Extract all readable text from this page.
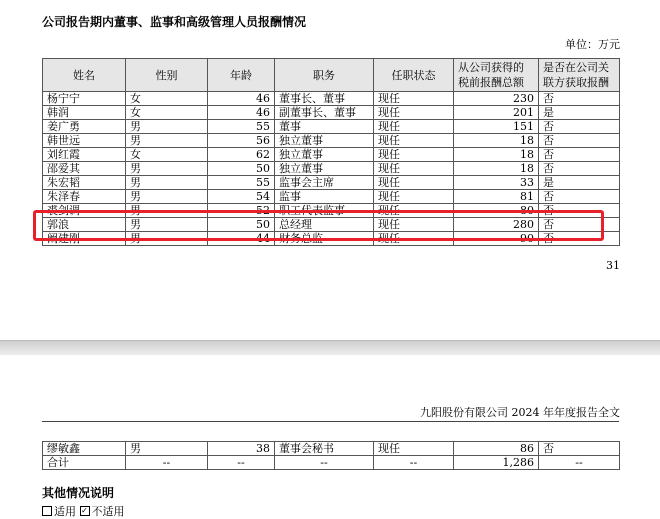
公司报告期内董事、监事和高级管理人员报酬情况
单位：万元
姓名	性别	年龄	职务	任职状态	从公司获得的税前报酬总额	是否在公司关联方获取报酬
杨宁宁	女	46	董事长、董事	现任	230	否
韩润	女	46	副董事长、董事	现任	201	是
姜广勇	男	55	董事	现任	151	否
韩世远	男	56	独立董事	现任	18	否
刘红霞	女	62	独立董事	现任	18	否
邵爱其	男	50	独立董事	现任	18	否
朱宏韬	男	55	监事会主席	现任	33	是
朱泽春	男	54	监事	现任	81	否
裘剑调	男	52	职工代表监事	现任	80	否
郭浪	男	50	总经理	现任	280	否
阚建刚	男	44	财务总监	现任	90	否
31
九阳股份有限公司 2024 年年度报告全文
缪敏鑫	男	38	董事会秘书	现任	86	否
合计	--	--	--	--	1,286	--
其他情况说明
适用 ✓ 不适用
